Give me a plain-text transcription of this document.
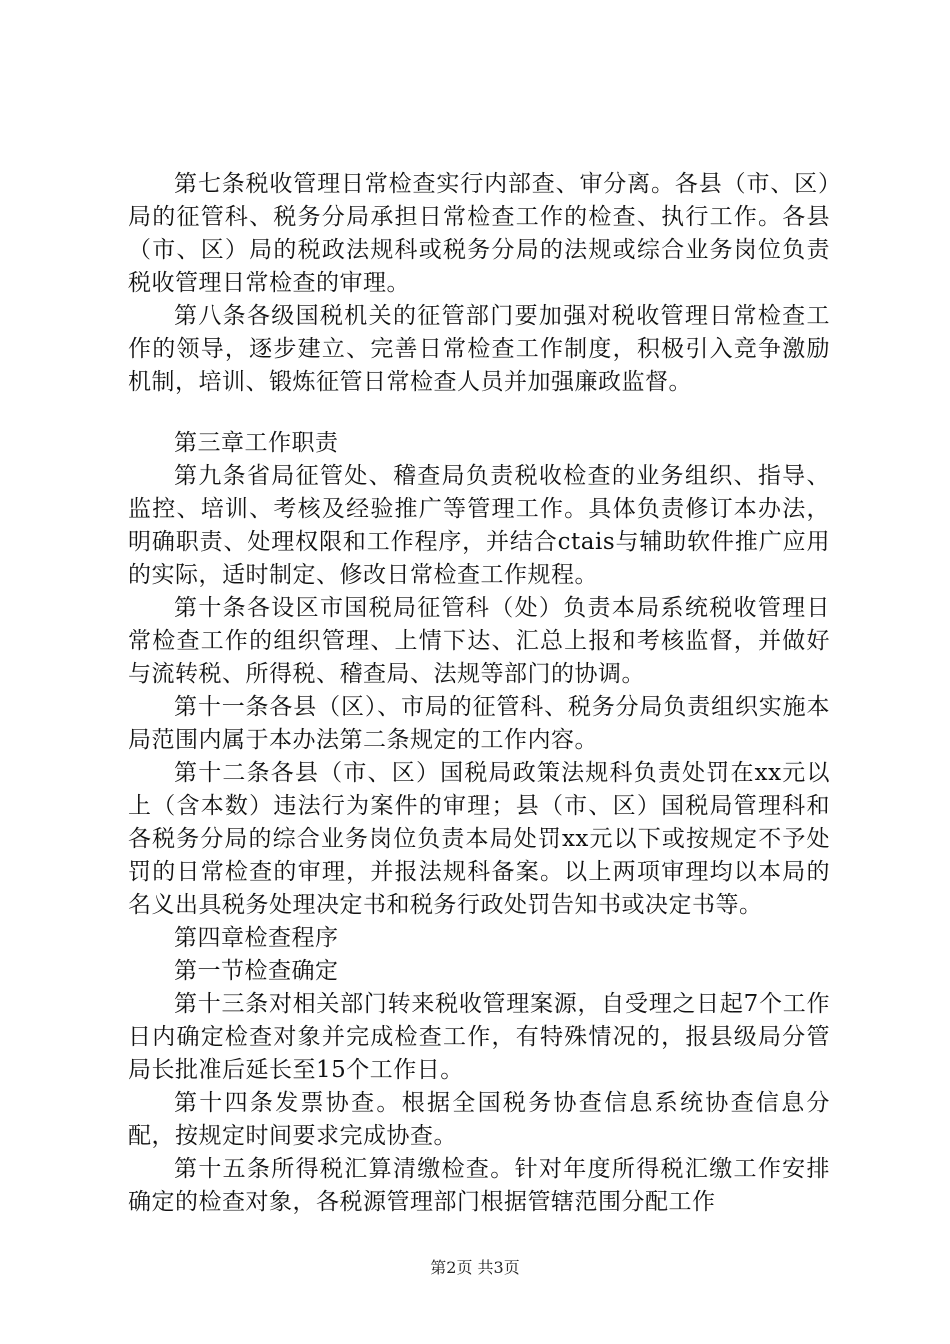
第七条税收管理日常检查实行内部查、审分离。各县（市、区）局的征管科、税务分局承担日常检查工作的检查、执行工作。各县（市、区）局的税政法规科或税务分局的法规或综合业务岗位负责税收管理日常检查的审理。

第八条各级国税机关的征管部门要加强对税收管理日常检查工作的领导，逐步建立、完善日常检查工作制度，积极引入竞争激励机制，培训、锻炼征管日常检查人员并加强廉政监督。

第三章工作职责

第九条省局征管处、稽查局负责税收检查的业务组织、指导、监控、培训、考核及经验推广等管理工作。具体负责修订本办法，明确职责、处理权限和工作程序，并结合ctais与辅助软件推广应用的实际，适时制定、修改日常检查工作规程。

第十条各设区市国税局征管科（处）负责本局系统税收管理日常检查工作的组织管理、上情下达、汇总上报和考核监督，并做好与流转税、所得税、稽查局、法规等部门的协调。

第十一条各县（区）、市局的征管科、税务分局负责组织实施本局范围内属于本办法第二条规定的工作内容。

第十二条各县（市、区）国税局政策法规科负责处罚在xx元以上（含本数）违法行为案件的审理；县（市、区）国税局管理科和各税务分局的综合业务岗位负责本局处罚xx元以下或按规定不予处罚的日常检查的审理，并报法规科备案。以上两项审理均以本局的名义出具税务处理决定书和税务行政处罚告知书或决定书等。

第四章检查程序

第一节检查确定

第十三条对相关部门转来税收管理案源，自受理之日起7个工作日内确定检查对象并完成检查工作，有特殊情况的，报县级局分管局长批准后延长至15个工作日。

第十四条发票协查。根据全国税务协查信息系统协查信息分配，按规定时间要求完成协查。

第十五条所得税汇算清缴检查。针对年度所得税汇缴工作安排确定的检查对象，各税源管理部门根据管辖范围分配工作

第2页 共3页
